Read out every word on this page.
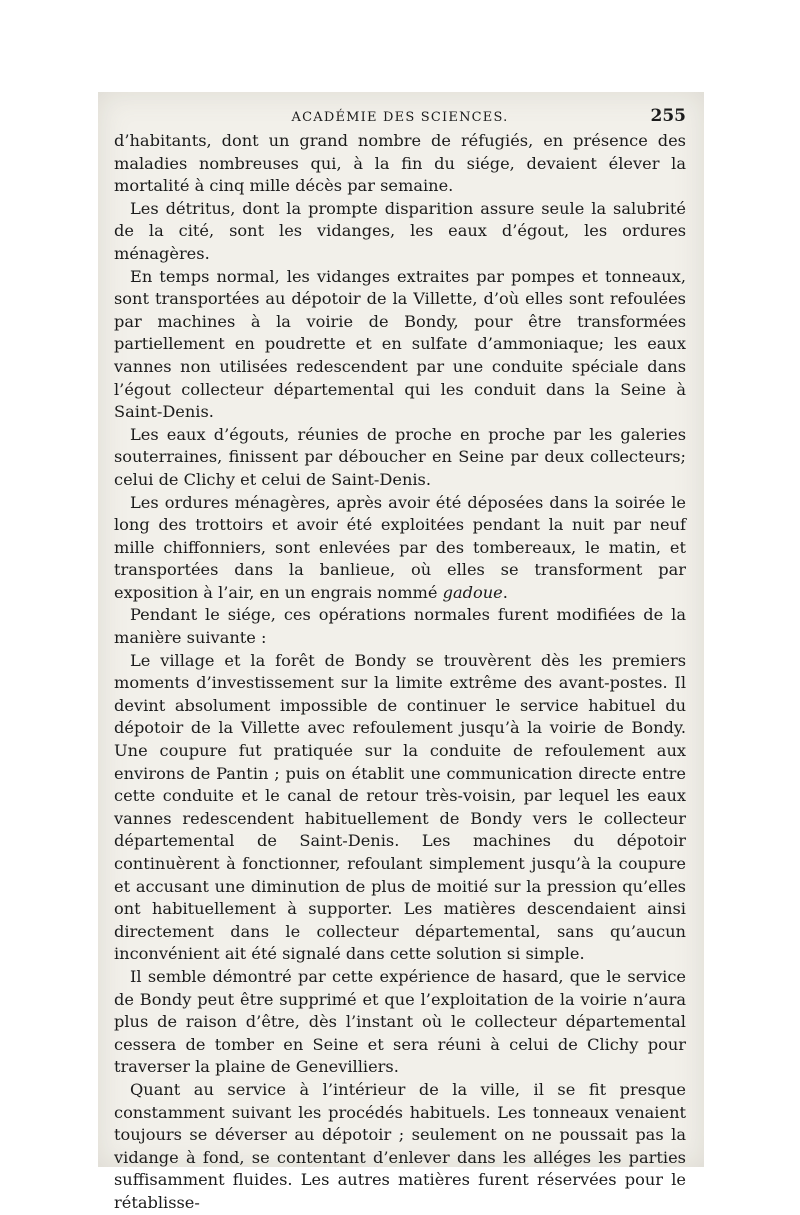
ACADÉMIE DES SCIENCES.	255

d’habitants, dont un grand nombre de réfugiés, en présence des maladies nombreuses qui, à la fin du siége, devaient élever la mortalité à cinq mille décès par semaine.

Les détritus, dont la prompte disparition assure seule la salubrité de la cité, sont les vidanges, les eaux d’égout, les ordures ménagères.

En temps normal, les vidanges extraites par pompes et tonneaux, sont transportées au dépotoir de la Villette, d’où elles sont refoulées par machines à la voirie de Bondy, pour être transformées partiellement en poudrette et en sulfate d’ammoniaque; les eaux vannes non utilisées redescendent par une conduite spéciale dans l’égout collecteur départemental qui les conduit dans la Seine à Saint-Denis.

Les eaux d’égouts, réunies de proche en proche par les galeries souterraines, finissent par déboucher en Seine par deux collecteurs; celui de Clichy et celui de Saint-Denis.

Les ordures ménagères, après avoir été déposées dans la soirée le long des trottoirs et avoir été exploitées pendant la nuit par neuf mille chiffonniers, sont enlevées par des tombereaux, le matin, et transportées dans la banlieue, où elles se transforment par exposition à l’air, en un engrais nommé gadoue.

Pendant le siége, ces opérations normales furent modifiées de la manière suivante :

Le village et la forêt de Bondy se trouvèrent dès les premiers moments d’investissement sur la limite extrême des avant-postes. Il devint absolument impossible de continuer le service habituel du dépotoir de la Villette avec refoulement jusqu’à la voirie de Bondy. Une coupure fut pratiquée sur la conduite de refoulement aux environs de Pantin ; puis on établit une communication directe entre cette conduite et le canal de retour très-voisin, par lequel les eaux vannes redescendent habituellement de Bondy vers le collecteur départemental de Saint-Denis. Les machines du dépotoir continuèrent à fonctionner, refoulant simplement jusqu’à la coupure et accusant une diminution de plus de moitié sur la pression qu’elles ont habituellement à supporter. Les matières descendaient ainsi directement dans le collecteur départemental, sans qu’aucun inconvénient ait été signalé dans cette solution si simple.

Il semble démontré par cette expérience de hasard, que le service de Bondy peut être supprimé et que l’exploitation de la voirie n’aura plus de raison d’être, dès l’instant où le collecteur départemental cessera de tomber en Seine et sera réuni à celui de Clichy pour traverser la plaine de Genevilliers.

Quant au service à l’intérieur de la ville, il se fit presque constamment suivant les procédés habituels. Les tonneaux venaient toujours se déverser au dépotoir ; seulement on ne poussait pas la vidange à fond, se contentant d’enlever dans les alléges les parties suffisamment fluides. Les autres matières furent réservées pour le rétablisse-
